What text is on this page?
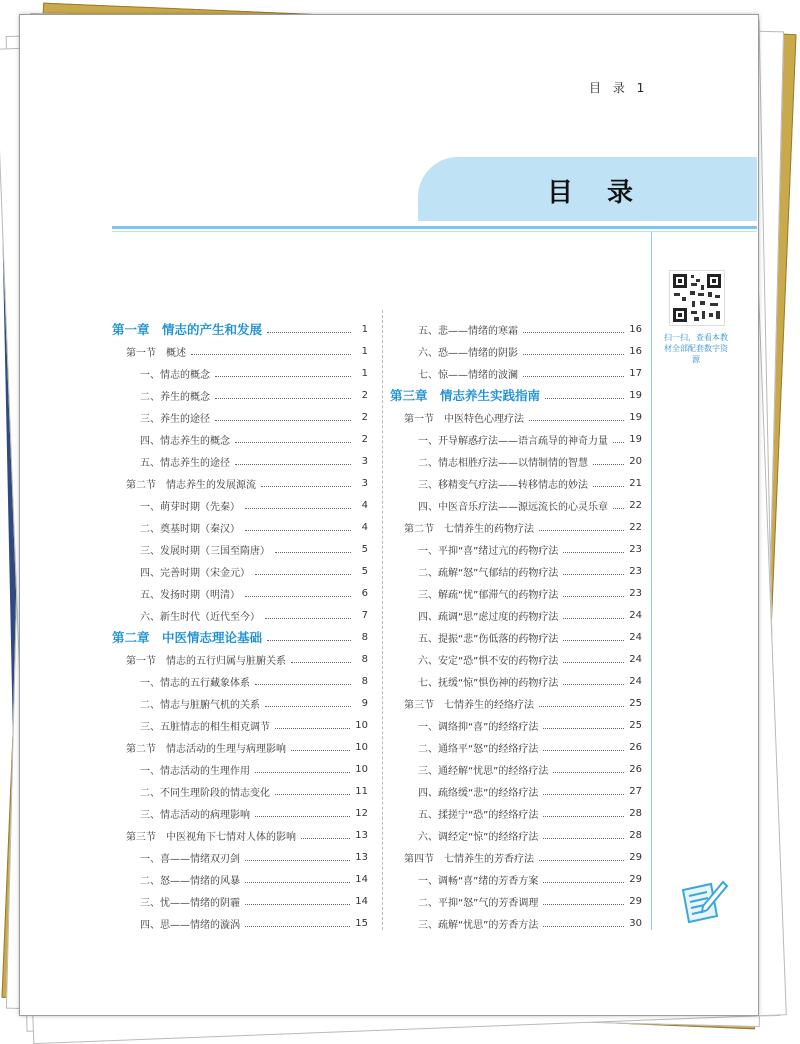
目 录 1
目录
扫一扫，查看本教材全部配套数字资源
第一章　情志的产生和发展	1
第一节　概述	1
一、情志的概念	1
二、养生的概念	2
三、养生的途径	2
四、情志养生的概念	2
五、情志养生的途径	3
第二节　情志养生的发展源流	3
一、萌芽时期（先秦）	4
二、奠基时期（秦汉）	4
三、发展时期（三国至隋唐）	5
四、完善时期（宋金元）	5
五、发扬时期（明清）	6
六、新生时代（近代至今）	7
第二章　中医情志理论基础	8
第一节　情志的五行归属与脏腑关系	8
一、情志的五行藏象体系	8
二、情志与脏腑气机的关系	9
三、五脏情志的相生相克调节	10
第二节　情志活动的生理与病理影响	10
一、情志活动的生理作用	10
二、不同生理阶段的情志变化	11
三、情志活动的病理影响	12
第三节　中医视角下七情对人体的影响	13
一、喜——情绪双刃剑	13
二、怒——情绪的风暴	14
三、忧——情绪的阴霾	14
四、思——情绪的漩涡	15
五、悲——情绪的寒霜	16
六、恐——情绪的阴影	16
七、惊——情绪的波澜	17
第三章　情志养生实践指南	19
第一节　中医特色心理疗法	19
一、开导解惑疗法——语言疏导的神奇力量 19
二、情志相胜疗法——以情制情的智慧	20
三、移精变气疗法——转移情志的妙法	21
四、中医音乐疗法——源远流长的心灵乐章 22
第二节　七情养生的药物疗法	22
一、平抑“喜”绪过亢的药物疗法	23
二、疏解“怒”气郁结的药物疗法	23
三、解疏“忧”郁滞气的药物疗法	23
四、疏调“思”虑过度的药物疗法	24
五、提振“悲”伤低落的药物疗法	24
六、安定“恐”惧不安的药物疗法	24
七、抚缓“惊”惧伤神的药物疗法	24
第三节　七情养生的经络疗法	25
一、调络抑“喜”的经络疗法	25
二、通络平“怒”的经络疗法	26
三、通经解“忧思”的经络疗法	26
四、疏络缓“悲”的经络疗法	27
五、揉搓宁“恐”的经络疗法	28
六、调经定“惊”的经络疗法	28
第四节　七情养生的芳香疗法	29
一、调畅“喜”绪的芳香方案	29
二、平抑“怒”气的芳香调理	29
三、疏解“忧思”的芳香方法	30
